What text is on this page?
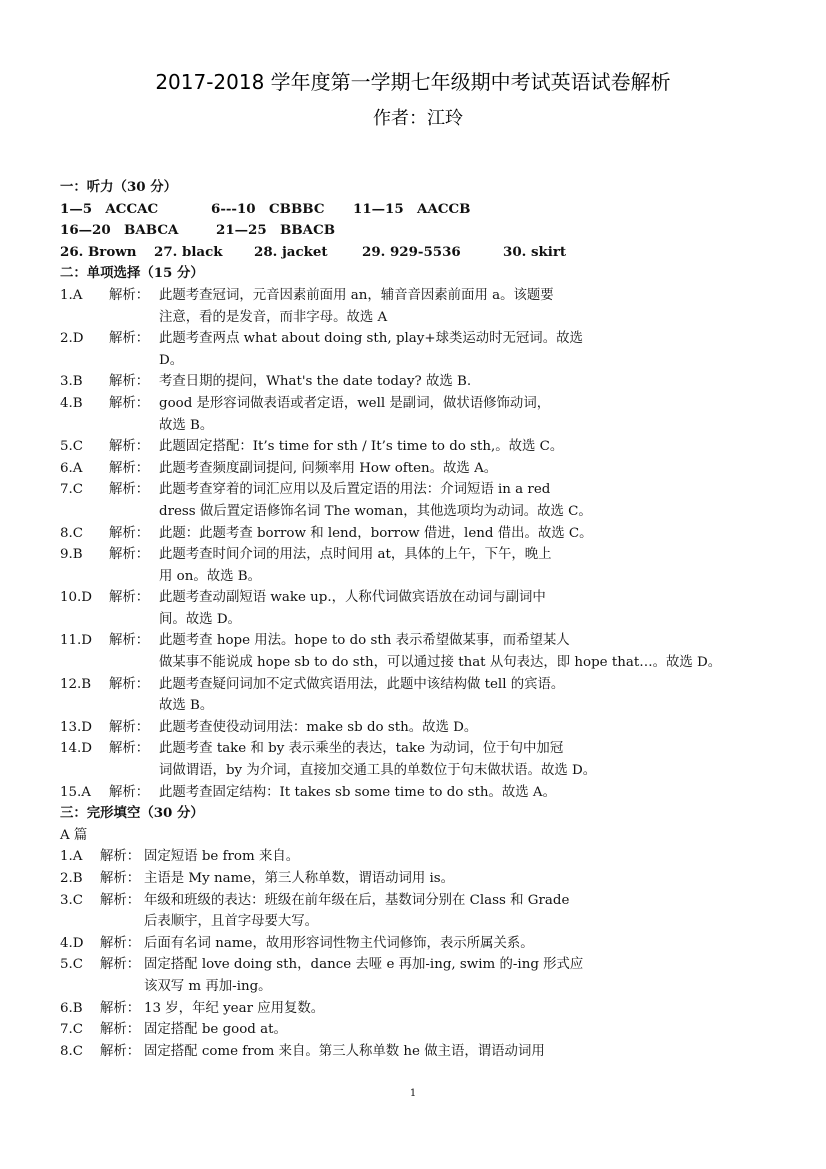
2017-2018 学年度第一学期七年级期中考试英语试卷解析
作者：江玲
一：听力（30 分）
1—5　ACCAC	6---10　CBBBC	11—15　AACCB
16—20　BABCA	21—25　BBACB
26. Brown	27. black	28. jacket	29. 929-5536	30. skirt
二：单项选择（15 分）
1.A	解析： 此题考查冠词，元音因素前面用 an，辅音音因素前面用 a。该题要
注意，看的是发音，而非字母。故选 A
2.D	解析： 此题考查两点 what about doing sth, play+球类运动时无冠词。故选
D。
3.B	解析： 考查日期的提问，What's the date today? 故选 B.
4.B	解析： good 是形容词做表语或者定语，well 是副词，做状语修饰动词，
故选 B。
5.C	解析： 此题固定搭配：It’s time for sth / It’s time to do sth,。故选 C。
6.A	解析： 此题考查频度副词提问, 问频率用 How often。故选 A。
7.C	解析： 此题考查穿着的词汇应用以及后置定语的用法：介词短语 in a red
dress 做后置定语修饰名词 The woman，其他选项均为动词。故选 C。
8.C	解析： 此题：此题考查 borrow 和 lend，borrow 借进，lend 借出。故选 C。
9.B	解析： 此题考查时间介词的用法，点时间用 at，具体的上午，下午，晚上
用 on。故选 B。
10.D	解析： 此题考查动副短语 wake up.，人称代词做宾语放在动词与副词中
间。故选 D。
11.D	解析： 此题考查 hope 用法。hope to do sth 表示希望做某事，而希望某人
做某事不能说成 hope sb to do sth，可以通过接 that 从句表达，即 hope that…。故选 D。
12.B	解析： 此题考查疑问词加不定式做宾语用法，此题中该结构做 tell 的宾语。
故选 B。
13.D	解析： 此题考查使役动词用法：make sb do sth。故选 D。
14.D	解析： 此题考查 take 和 by 表示乘坐的表达，take 为动词，位于句中加冠
词做谓语，by 为介词，直接加交通工具的单数位于句末做状语。故选 D。
15.A	解析： 此题考查固定结构：It takes sb some time to do sth。故选 A。
三：完形填空（30 分）
A 篇
1.A	解析： 固定短语 be from 来自。
2.B	解析： 主语是 My name，第三人称单数，谓语动词用 is。
3.C	解析： 年级和班级的表达：班级在前年级在后，基数词分别在 Class 和 Grade
后表顺宇，且首字母要大写。
4.D	解析： 后面有名词 name，故用形容词性物主代词修饰，表示所属关系。
5.C	解析： 固定搭配 love doing sth，dance 去哑 e 再加-ing, swim 的-ing 形式应
该双写 m 再加-ing。
6.B	解析： 13 岁，年纪 year 应用复数。
7.C	解析： 固定搭配 be good at。
8.C	解析： 固定搭配 come from 来自。第三人称单数 he 做主语，谓语动词用
1
